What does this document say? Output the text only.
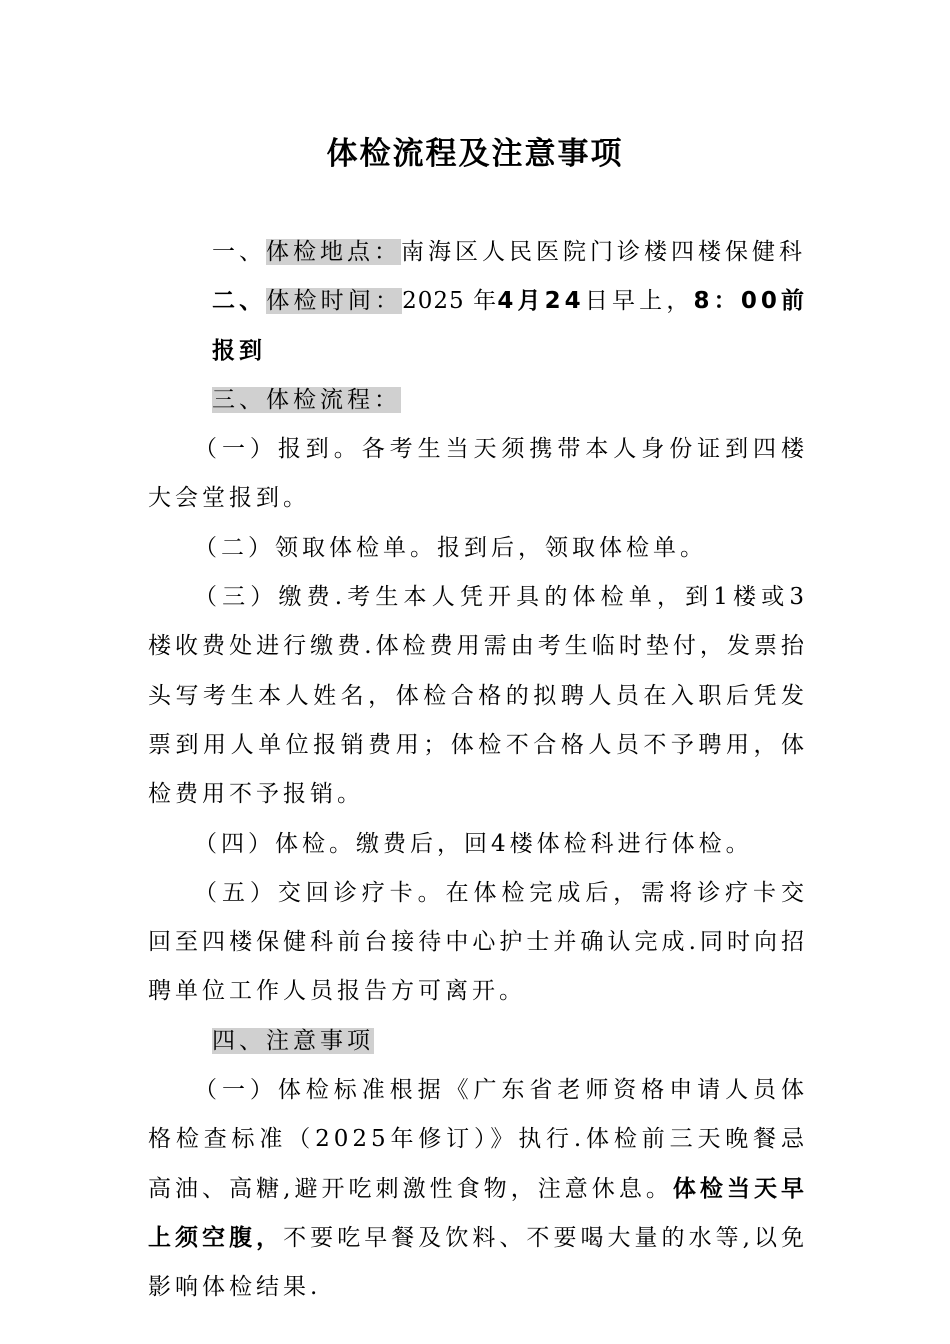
体检流程及注意事项

一、体检地点：南海区人民医院门诊楼四楼保健科

二、体检时间：2025 年4月24日早上，8：00前报到

三、体检流程：

（一）报到。各考生当天须携带本人身份证到四楼大会堂报到。

（二）领取体检单。报到后，领取体检单。

（三）缴费.考生本人凭开具的体检单，到1楼或3楼收费处进行缴费.体检费用需由考生临时垫付，发票抬头写考生本人姓名，体检合格的拟聘人员在入职后凭发票到用人单位报销费用；体检不合格人员不予聘用，体检费用不予报销。

（四）体检。缴费后，回4楼体检科进行体检。

（五）交回诊疗卡。在体检完成后，需将诊疗卡交回至四楼保健科前台接待中心护士并确认完成.同时向招聘单位工作人员报告方可离开。

四、注意事项

（一）体检标准根据《广东省老师资格申请人员体格检查标准（2025年修订）》执行.体检前三天晚餐忌高油、高糖,避开吃刺激性食物，注意休息。体检当天早上须空腹，不要吃早餐及饮料、不要喝大量的水等,以免影响体检结果.
